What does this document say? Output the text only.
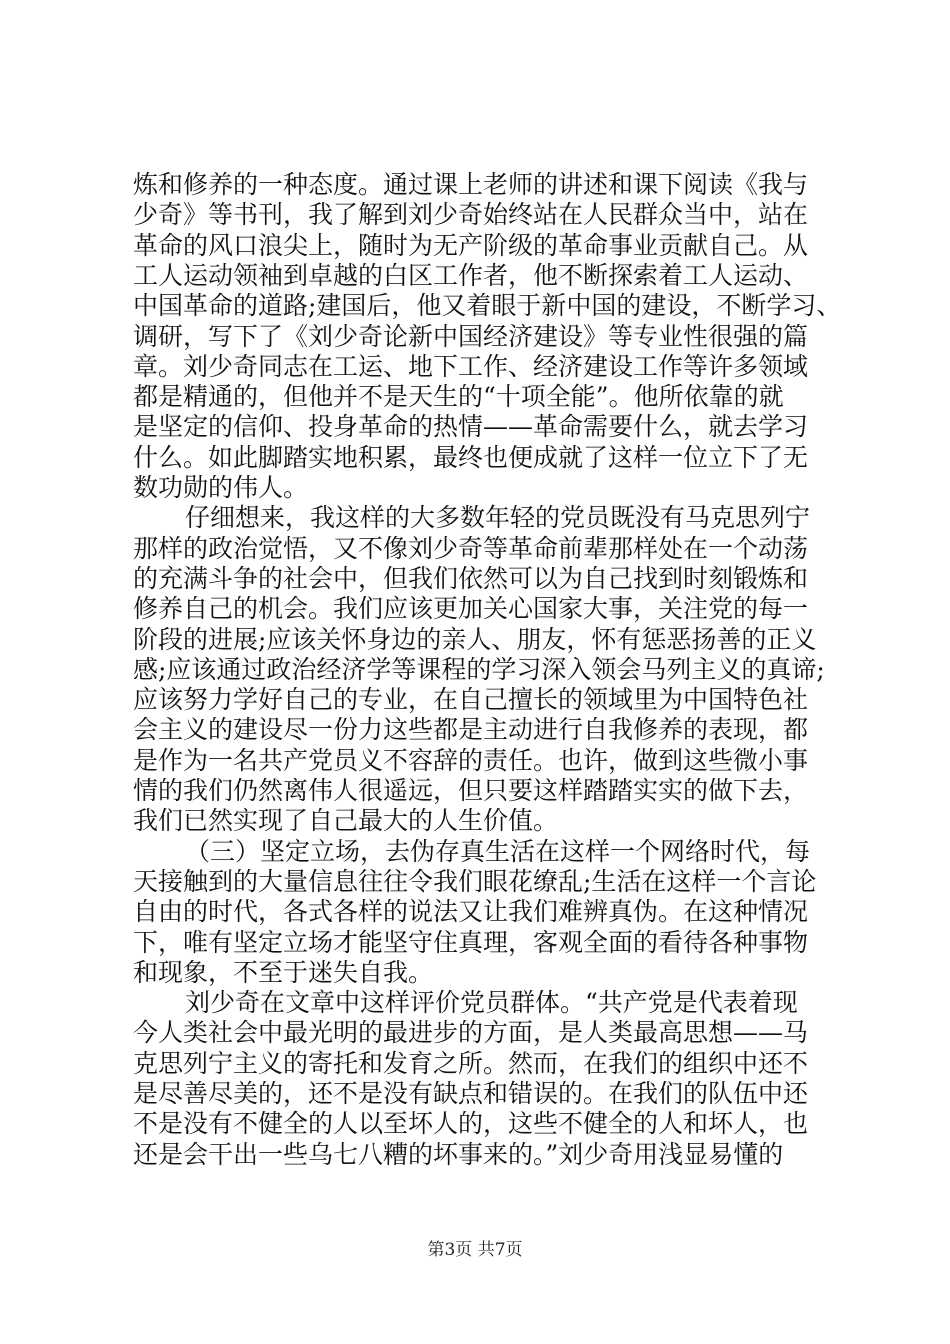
炼和修养的一种态度。通过课上老师的讲述和课下阅读《我与
少奇》等书刊，我了解到刘少奇始终站在人民群众当中，站在
革命的风口浪尖上，随时为无产阶级的革命事业贡献自己。从
工人运动领袖到卓越的白区工作者，他不断探索着工人运动、
中国革命的道路;建国后，他又着眼于新中国的建设，不断学习、
调研，写下了《刘少奇论新中国经济建设》等专业性很强的篇
章。刘少奇同志在工运、地下工作、经济建设工作等许多领域
都是精通的，但他并不是天生的“十项全能”。他所依靠的就
是坚定的信仰、投身革命的热情——革命需要什么，就去学习
什么。如此脚踏实地积累，最终也便成就了这样一位立下了无
数功勋的伟人。
仔细想来，我这样的大多数年轻的党员既没有马克思列宁
那样的政治觉悟，又不像刘少奇等革命前辈那样处在一个动荡
的充满斗争的社会中，但我们依然可以为自己找到时刻锻炼和
修养自己的机会。我们应该更加关心国家大事，关注党的每一
阶段的进展;应该关怀身边的亲人、朋友，怀有惩恶扬善的正义
感;应该通过政治经济学等课程的学习深入领会马列主义的真谛;
应该努力学好自己的专业，在自己擅长的领域里为中国特色社
会主义的建设尽一份力这些都是主动进行自我修养的表现，都
是作为一名共产党员义不容辞的责任。也许，做到这些微小事
情的我们仍然离伟人很遥远，但只要这样踏踏实实的做下去，
我们已然实现了自己最大的人生价值。
（三）坚定立场，去伪存真生活在这样一个网络时代，每
天接触到的大量信息往往令我们眼花缭乱;生活在这样一个言论
自由的时代，各式各样的说法又让我们难辨真伪。在这种情况
下，唯有坚定立场才能坚守住真理，客观全面的看待各种事物
和现象，不至于迷失自我。
刘少奇在文章中这样评价党员群体。“共产党是代表着现
今人类社会中最光明的最进步的方面，是人类最高思想——马
克思列宁主义的寄托和发育之所。然而，在我们的组织中还不
是尽善尽美的，还不是没有缺点和错误的。在我们的队伍中还
不是没有不健全的人以至坏人的，这些不健全的人和坏人，也
还是会干出一些乌七八糟的坏事来的。”刘少奇用浅显易懂的
第3页 共7页
